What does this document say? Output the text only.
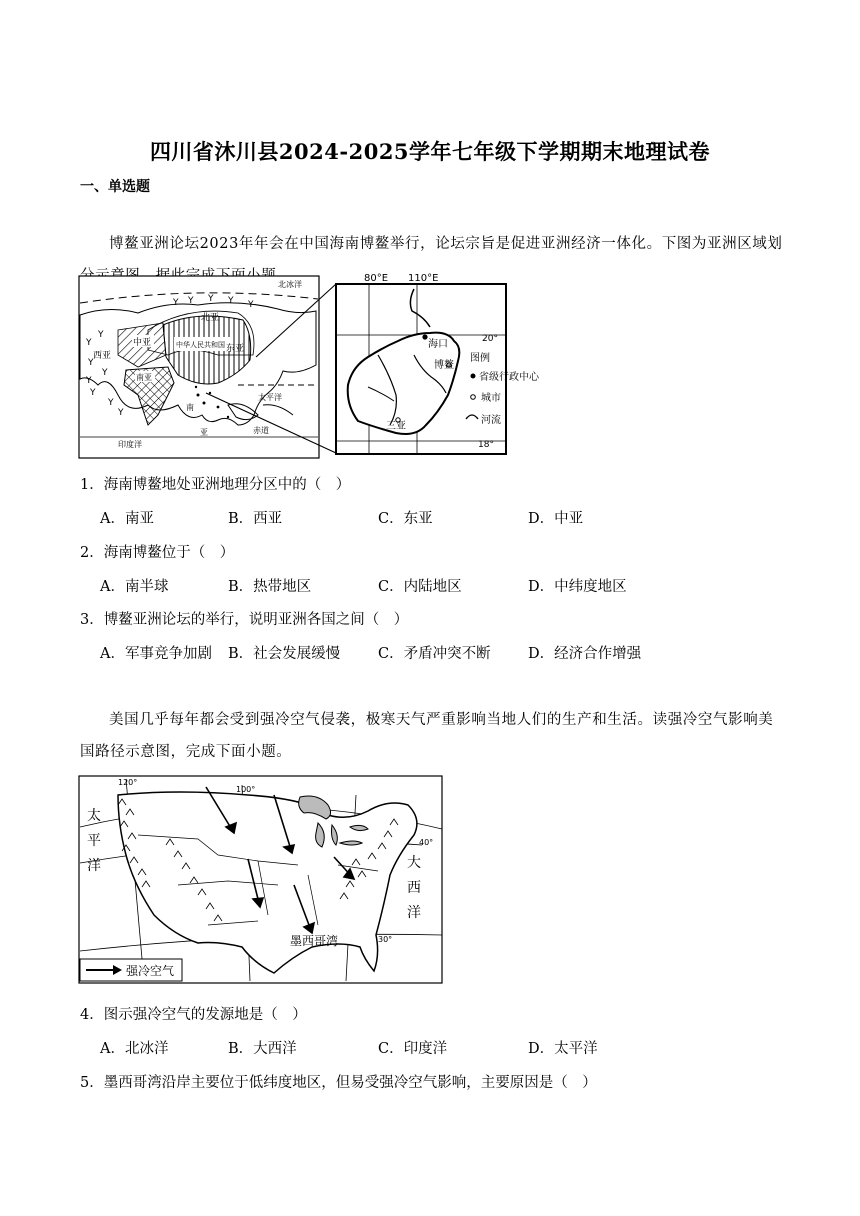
四川省沐川县2024-2025学年七年级下学期期末地理试卷
一、单选题
博鳌亚洲论坛2023年年会在中国海南博鳌举行，论坛宗旨是促进亚洲经济一体化。下图为亚洲区域划
北冰洋
中华人民共和国
Y
Y
Y
Y
Y
Y
Y
Y
Y Y Y Y
Y
北亚
中亚
西亚
东亚
南亚
南
亚
太平洋
赤道
印度洋
80°E 110°E
20°
18°
海口
博鳌
三亚
图例
省级行政中心
城市
河流
1．海南博鳌地处亚洲地理分区中的（　）
A．南亚	B．西亚	C．东亚	D．中亚
2．海南博鳌位于（　）
A．南半球	B．热带地区	C．内陆地区	D．中纬度地区
3．博鳌亚洲论坛的举行，说明亚洲各国之间（　）
A．军事竞争加剧 B．社会发展缓慢	C．矛盾冲突不断	D．经济合作增强
美国几乎每年都会受到强冷空气侵袭，极寒天气严重影响当地人们的生产和生活。读强冷空气影响美国路径示意图，完成下面小题。
120°
100°
40°
30°
太
平
洋	大
西
洋
墨西哥湾
强冷空气
4．图示强冷空气的发源地是（　）
A．北冰洋	B．大西洋	C．印度洋	D．太平洋
5．墨西哥湾沿岸主要位于低纬度地区，但易受强冷空气影响，主要原因是（　）
